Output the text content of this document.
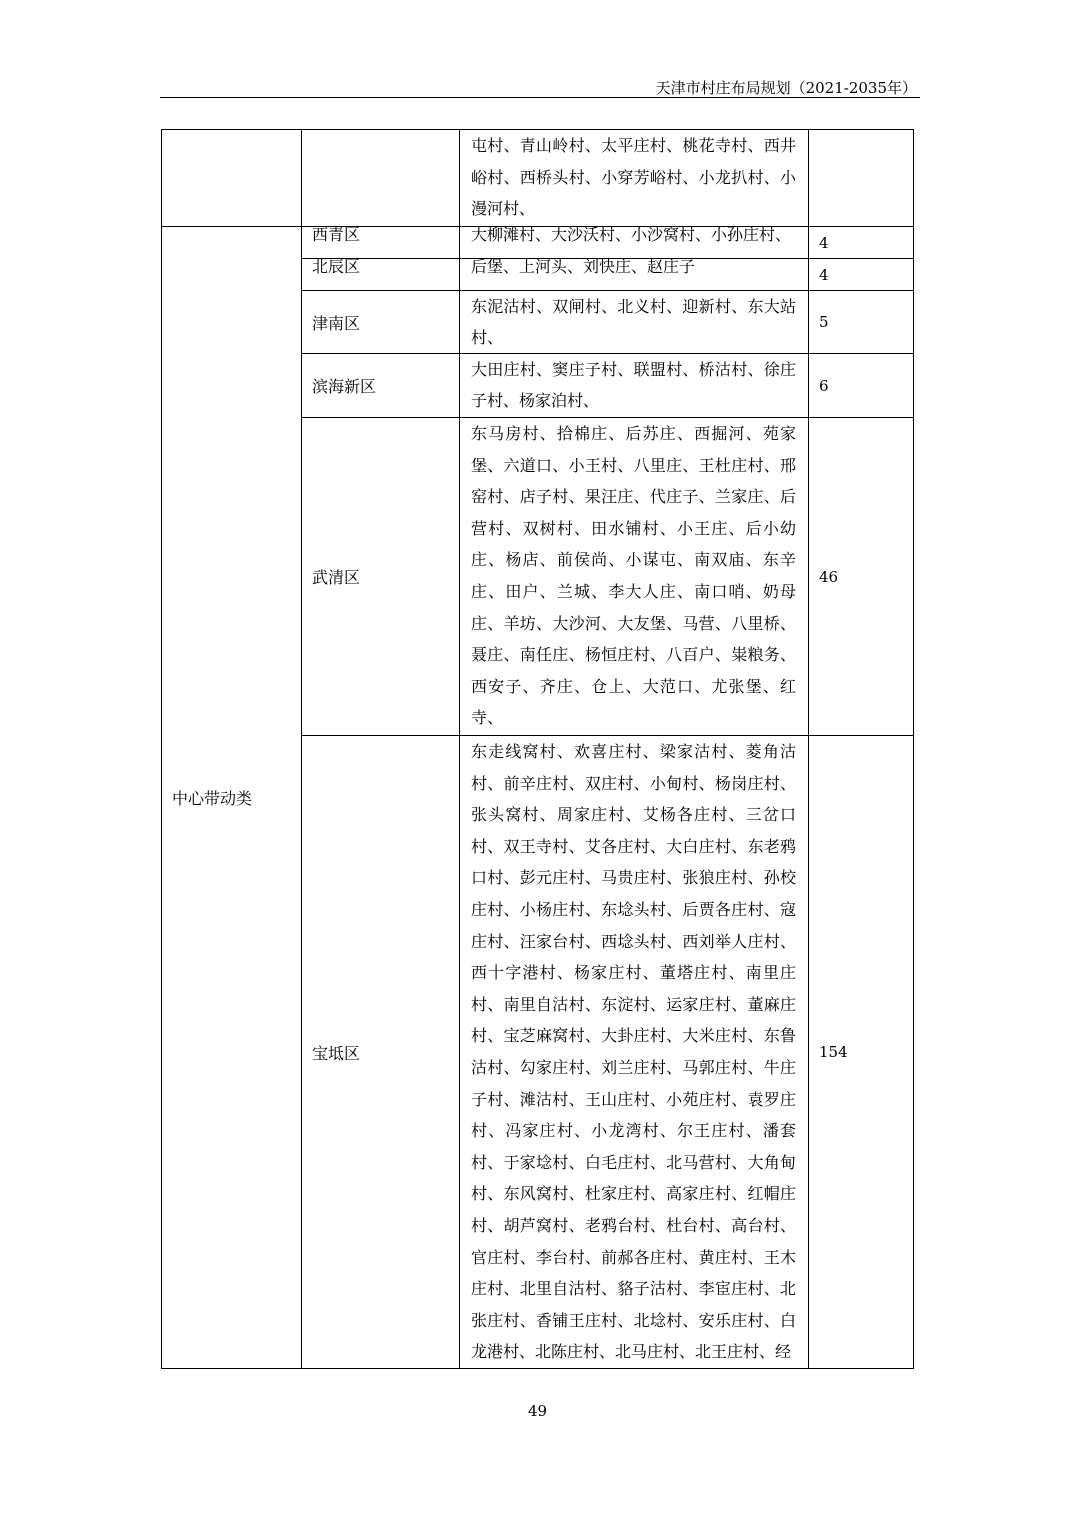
天津市村庄布局规划（2021-2035年）
		屯村、青山岭村、太平庄村、桃花寺村、西井峪村、西桥头村、小穿芳峪村、小龙扒村、小漫河村、	
中心带动类	西青区	大柳滩村、大沙沃村、小沙窝村、小孙庄村、	4
	北辰区	后堡、上河头、刘快庄、赵庄子	4
	津南区	东泥沽村、双闸村、北义村、迎新村、东大站村、	5
	滨海新区	大田庄村、窦庄子村、联盟村、桥沽村、徐庄子村、杨家泊村、	6
	武清区	东马房村、拾棉庄、后苏庄、西掘河、苑家堡、六道口、小王村、八里庄、王杜庄村、邢窑村、店子村、果汪庄、代庄子、兰家庄、后营村、双树村、田水铺村、小王庄、后小幼庄、杨店、前侯尚、小谋屯、南双庙、东辛庄、田户、兰城、李大人庄、南口哨、奶母庄、羊坊、大沙河、大友堡、马营、八里桥、聂庄、南任庄、杨恒庄村、八百户、粜粮务、西安子、齐庄、仓上、大范口、尤张堡、红寺、	46
	宝坻区	东走线窝村、欢喜庄村、梁家沽村、菱角沽村、前辛庄村、双庄村、小甸村、杨岗庄村、张头窝村、周家庄村、艾杨各庄村、三岔口村、双王寺村、艾各庄村、大白庄村、东老鸦口村、彭元庄村、马贵庄村、张狼庄村、孙校庄村、小杨庄村、东埝头村、后贾各庄村、寇庄村、汪家台村、西埝头村、西刘举人庄村、西十字港村、杨家庄村、董塔庄村、南里庄村、南里自沽村、东淀村、运家庄村、董麻庄村、宝芝麻窝村、大卦庄村、大米庄村、东鲁沽村、勾家庄村、刘兰庄村、马郭庄村、牛庄子村、滩沽村、王山庄村、小苑庄村、袁罗庄村、冯家庄村、小龙湾村、尔王庄村、潘套村、于家埝村、白毛庄村、北马营村、大角甸村、东风窝村、杜家庄村、高家庄村、红帽庄村、胡芦窝村、老鸦台村、杜台村、高台村、官庄村、李台村、前郝各庄村、黄庄村、王木庄村、北里自沽村、貉子沽村、李宦庄村、北张庄村、香铺王庄村、北埝村、安乐庄村、白龙港村、北陈庄村、北马庄村、北王庄村、经	154
49
